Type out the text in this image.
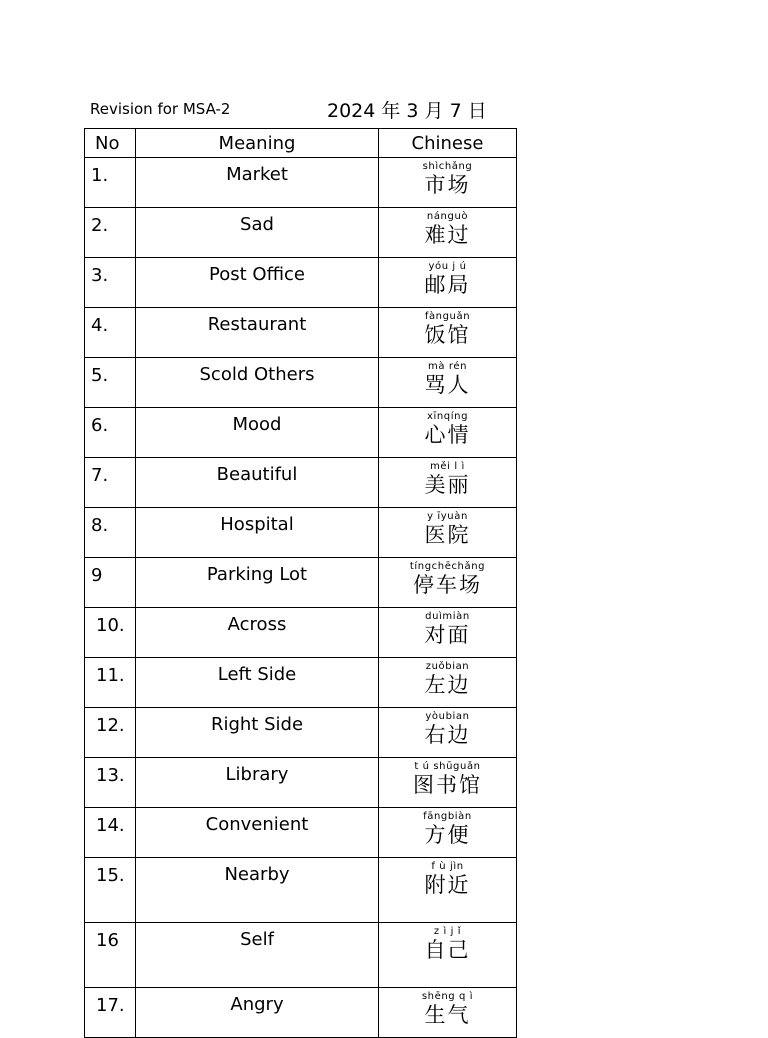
Revision for MSA-2	2024 年 3 月 7 日
No	Meaning	Chinese
1.	Market	shìchǎng
市场

2.	Sad	nánguò
难过

3.	Post Office	yóu j ú
邮局

4.	Restaurant	fànguǎn
饭馆

5.	Scold Others	mà rén
骂人

6.	Mood	xīnqíng
心情

7.	Beautiful	měi l ì
美丽

8.	Hospital	y īyuàn
医院

9	Parking Lot	tíngchēchǎng
停车场

10.	Across	duìmiàn
对面

11.	Left Side	zuǒbian
左边

12.	Right Side	yòubian
右边

13.	Library	t ú shūguǎn
图书馆

14.	Convenient	fāngbiàn
方便

15.	Nearby	f ù jìn
附近

16	Self	z ì j ǐ
自己

17.	Angry	shēng q ì
生气
